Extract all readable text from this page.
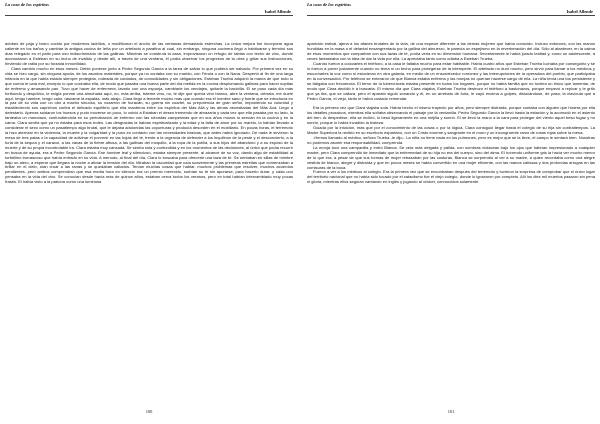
La casa de los espíritus
Isabel Allende

adobes de paja y barro cocido por modernos ladrillos, o modificaron el ancho de las ventanas demasiado estrechas. La única mejora fue incorporar agua caliente en los baños y cambiar la antigua cocina de leña por un artefacto a parafina al cual, sin embargo, ninguna cocinera llegó a habituarse y terminó sus días relegado en el patio para uso indiscriminado de las gallinas. Mientras se construía la casa, improvisaron un refugio de tablas con techo de zinc, donde acomodaron a Esteban en su lecho de inválido y desde allí, a través de una ventana, él podía observar los progresos de la obra y gritar sus instrucciones, hirviendo de rabia por su forzada inmovilidad.

Clara cambió mucho en esos meses. Debió ponerse junto a Pedro Segundo García a la tarea de salvar lo que pudiera ser salvado. Por primera vez en su vida se hizo cargo, sin ninguna ayuda, de los asuntos materiales, porque ya no contaba con su marido, con Férula o con la Nana. Despertó al fin de una larga infancia en la que había estado siempre protegida, rodeada de cuidados, de comodidades y sin obligaciones. Esteban Trueba adquirió la manía de que todo lo que comía le caía mal, excepto lo que cocinaba ella, de modo que pasaba una buena parte del día metida en la cocina desplumando gallinas para hacer sopitas de enfermo y amasando pan. Tuvo que hacer de enfermera, lavarlo con una esponja, cambiarle los vendajes, quitarle la bacinilla. El se puso cada día más furibundo y despótico, le exigía ponme una almohada aquí, no, más arriba, tráeme vino, no, te dije que quería vino blanco, abre la ventana, ciérrala, me duele aquí, tengo hambre, tengo calor, ráscame la espalda, más abajo. Clara llegó a temerle mucho más que cuando era el hombre sano y fuerte que se introducía en la paz de su vida con un olor a macho sinuoso, su vozarrón de huracán, su guerra sin cuartel, su prepotencia de gran señor, imponiendo su voluntad y estableciendo sus caprichos contra el delicado equilibrio que ella mantenía entre los espíritus del Más Allá y las almas necesitadas del Más Acá. Llegó a detestarlo. Apenas soldaron los huesos y pudo moverse un poco, lo volvió a Estaban el deseo tremendo de abrazarla y cada vez que ella pasaba por su lado, la tanteaba un manotazo, confundiéndola en su perturbación de enfermo con las robustas campesinas que en sus años mozos lo servían en la cocina y en la cama. Clara sentía que ya no estaba para esos trotes. Las desgracias la habían espiritualizado y la edad y la falta de amor por su marido, la habían llevado a considerar el sexo como un pasatiempo algo brutal, que le dejaba adoloridas las coyunturas y producía desorden en el mobiliario. En pocas horas, el terremoto la hizo aterrizar en la violencia, la muerte y la vulgaridad y la puso en contacto con las necesidades básicas, que antes había ignorado. De nada le sirvieron la mesa de tres patas o la capacidad de adivinar el porvenir en las hojas del té, frente a la urgencia de defender a los inquilinos de la peste y el desconcierto, a la furia de la sequía y el caracol, a las vacas de la fiebre aftosa, a las gallinas del moquillo, a la ropa de la polilla, a sus hijos del abandono y a su esposo de la muerte y de su propia incontrolable ira. Clara estaba muy cansada. Se sentía sola y confundida y en los momentos de las decisiones, al único que podía recurrir en busca de ayuda, era a Pedro Segundo García. Ese hombre leal y silencioso, estaba siempre presente, al alcance de su voz, dando algo de estabilidad al torbellino borrascoso que había entrado en su vida. A menudo, al final del día, Clara lo buscaba para ofrecerle una taza de té. Se sentaban en sillas de mimbre bajo un alero, a esperar que llegara la noche a aliviar la tensión del día. Miraban la oscuridad que caía suavemente y las primeras estrellas que comenzaban a brillar en el cielo, oían croar a las ranas y se quedaban callados. Tenían muchas cosas que hablar, muchos problemas que resolver, muchos acuerdos pendientes, pero ambos comprendían que esa media hora en silencio era un premio merecido, sorbían su té sin apurarse, para hacerlo durar, y cada uno pensaba en la vida del otro. Se conocían desde hacía más de quince años, estaban cerca todos los veranos, pero en total habían intercambiado muy pocas frases. El había visto a la patrona como una luminosa

100
La casa de los espíritus
Isabel Allende

aparición estival, ajena a los afanes brutales de la vida, de una especie diferente a las demás mujeres que había conocido. Incluso entonces, con las manos hundidas en la masa o el delantal ensangrentado por la gallina del almuerzo, le parecía un espejismo en la reverberación del día. Sólo al atardecer, en la calma de esos momentos que compartían con sus tazas de té, podía verla en su dimensión humana. Secretamente le había jurado lealtad y, como un adolescente, a veces fantaseaba con la idea de dar la vida por ella. La apreciaba tanto como odiaba a Esteban Trueba.

Cuando fueron a colocarles el teléfono, a la casa le faltaba mucho para estar habitable. Había cuatro años que Esteban Trueba luchaba por conseguirlo y se lo fueron a poner justamente cuando no tenía ni un techo para protegerse de la intemperie. El artefacto no duró mucho, pero sirvió para llamar a los médicos y escucharles la voz como si estuvieran en otra galaxia, en medio de un ensordecedor ronroneo y las interrupciones de la operadora del pueblo, que participaba en la conversación. Por teléfono se enteraron de que Blanca estaba enferma y las monjas no querían hacerse cargo de ella. La niña tenía una tos persistente y se fatigaba con frecuencia. El terror de la tuberculosis estaba presente en todos los hogares, porque no había familia que no tuviera un tísico que lamentar, de modo que Clara decidió ir a buscarla. El mismo día que Clara viajaba, Esteban Trueba destrozó el teléfono a bastonazos, porque empezó a repicar y le gritó que ya iba, que se callara, pero el aparato siguió sonando y él, en un arrebato de furia, le cayó encima a golpes, dislocándose, de paso, la clavícula que a Pedro García, el viejo, tanto le había costado remendar.

Era la primera vez que Clara viajaba sola. Había hecho el mismo trayecto por años, pero siempre distraída, porque contaba con alguien que hiciera por ella los detalles prosaicos, mientras ella soñaba observando el paisaje por la ventanilla. Pedro Segundo García la llevó hasta la estación y la acomodó en el asiento del tren. Al despedirse, ella se inclinó, lo besó ligeramente en una mejilla y sonrió. El se llevó la mano a la cara para proteger del viento aquel beso fugaz y no sonrió, porque lo había invadido la tristeza.

Guiada por la intuición, más que por el conocimiento de las cosas o por la lógica, Clara consiguió llegar hasta el colegio de su hija sin contratiempos. La Madre Superiora la recibió en su escritorio espartano, con un Cristo enorme y sangrante en el muro y un incongruente ramo de rosas rojas sobre la mesa.

-Hemos llamado al médico, señora Trueba -le dijo-. La niña no tiene nada en los pulmones, pero es mejor que se la lleve, el campo le sentará bien. Nosotras no podemos asumir esa responsabilidad, comprenda.

La monja tocó una campanilla y entró Blanca. Se veía más delgada y pálida, con sombras violáceas bajo los ojos que habrían impresionado a cualquier madre, pero Clara comprendió de inmediato que la enfermedad de su hija no era del cuerpo, sino del alma. El horrendo uniforme gris la hacía ver mucho menor de lo que era, a pesar de que sus formas de mujer rebasaban por las costuras. Blanca se sorprendió al ver a su madre, a quien recordaba como una alegre vestida de blanco, alegre y distraída y que en pocos meses se había convertido en una mujer eficiente, con las manos callosas y dos profundas arrugas en las comisuras de la boca.

Fueron a ver a los médicos al colegio. Era la primera vez que se encontraban después del terremoto y tuvieron la sorpresa de comprobar que el único lugar del territorio nacional que no había sido tocado por el cataclismo fue el viejo colegio, donde lo ignoraron por completo. Allí los diez mil muertos pasaron sin pena ni gloria, mientras ellos seguían cantando en inglés y jugando al cricket, conmovidos solamente

101
